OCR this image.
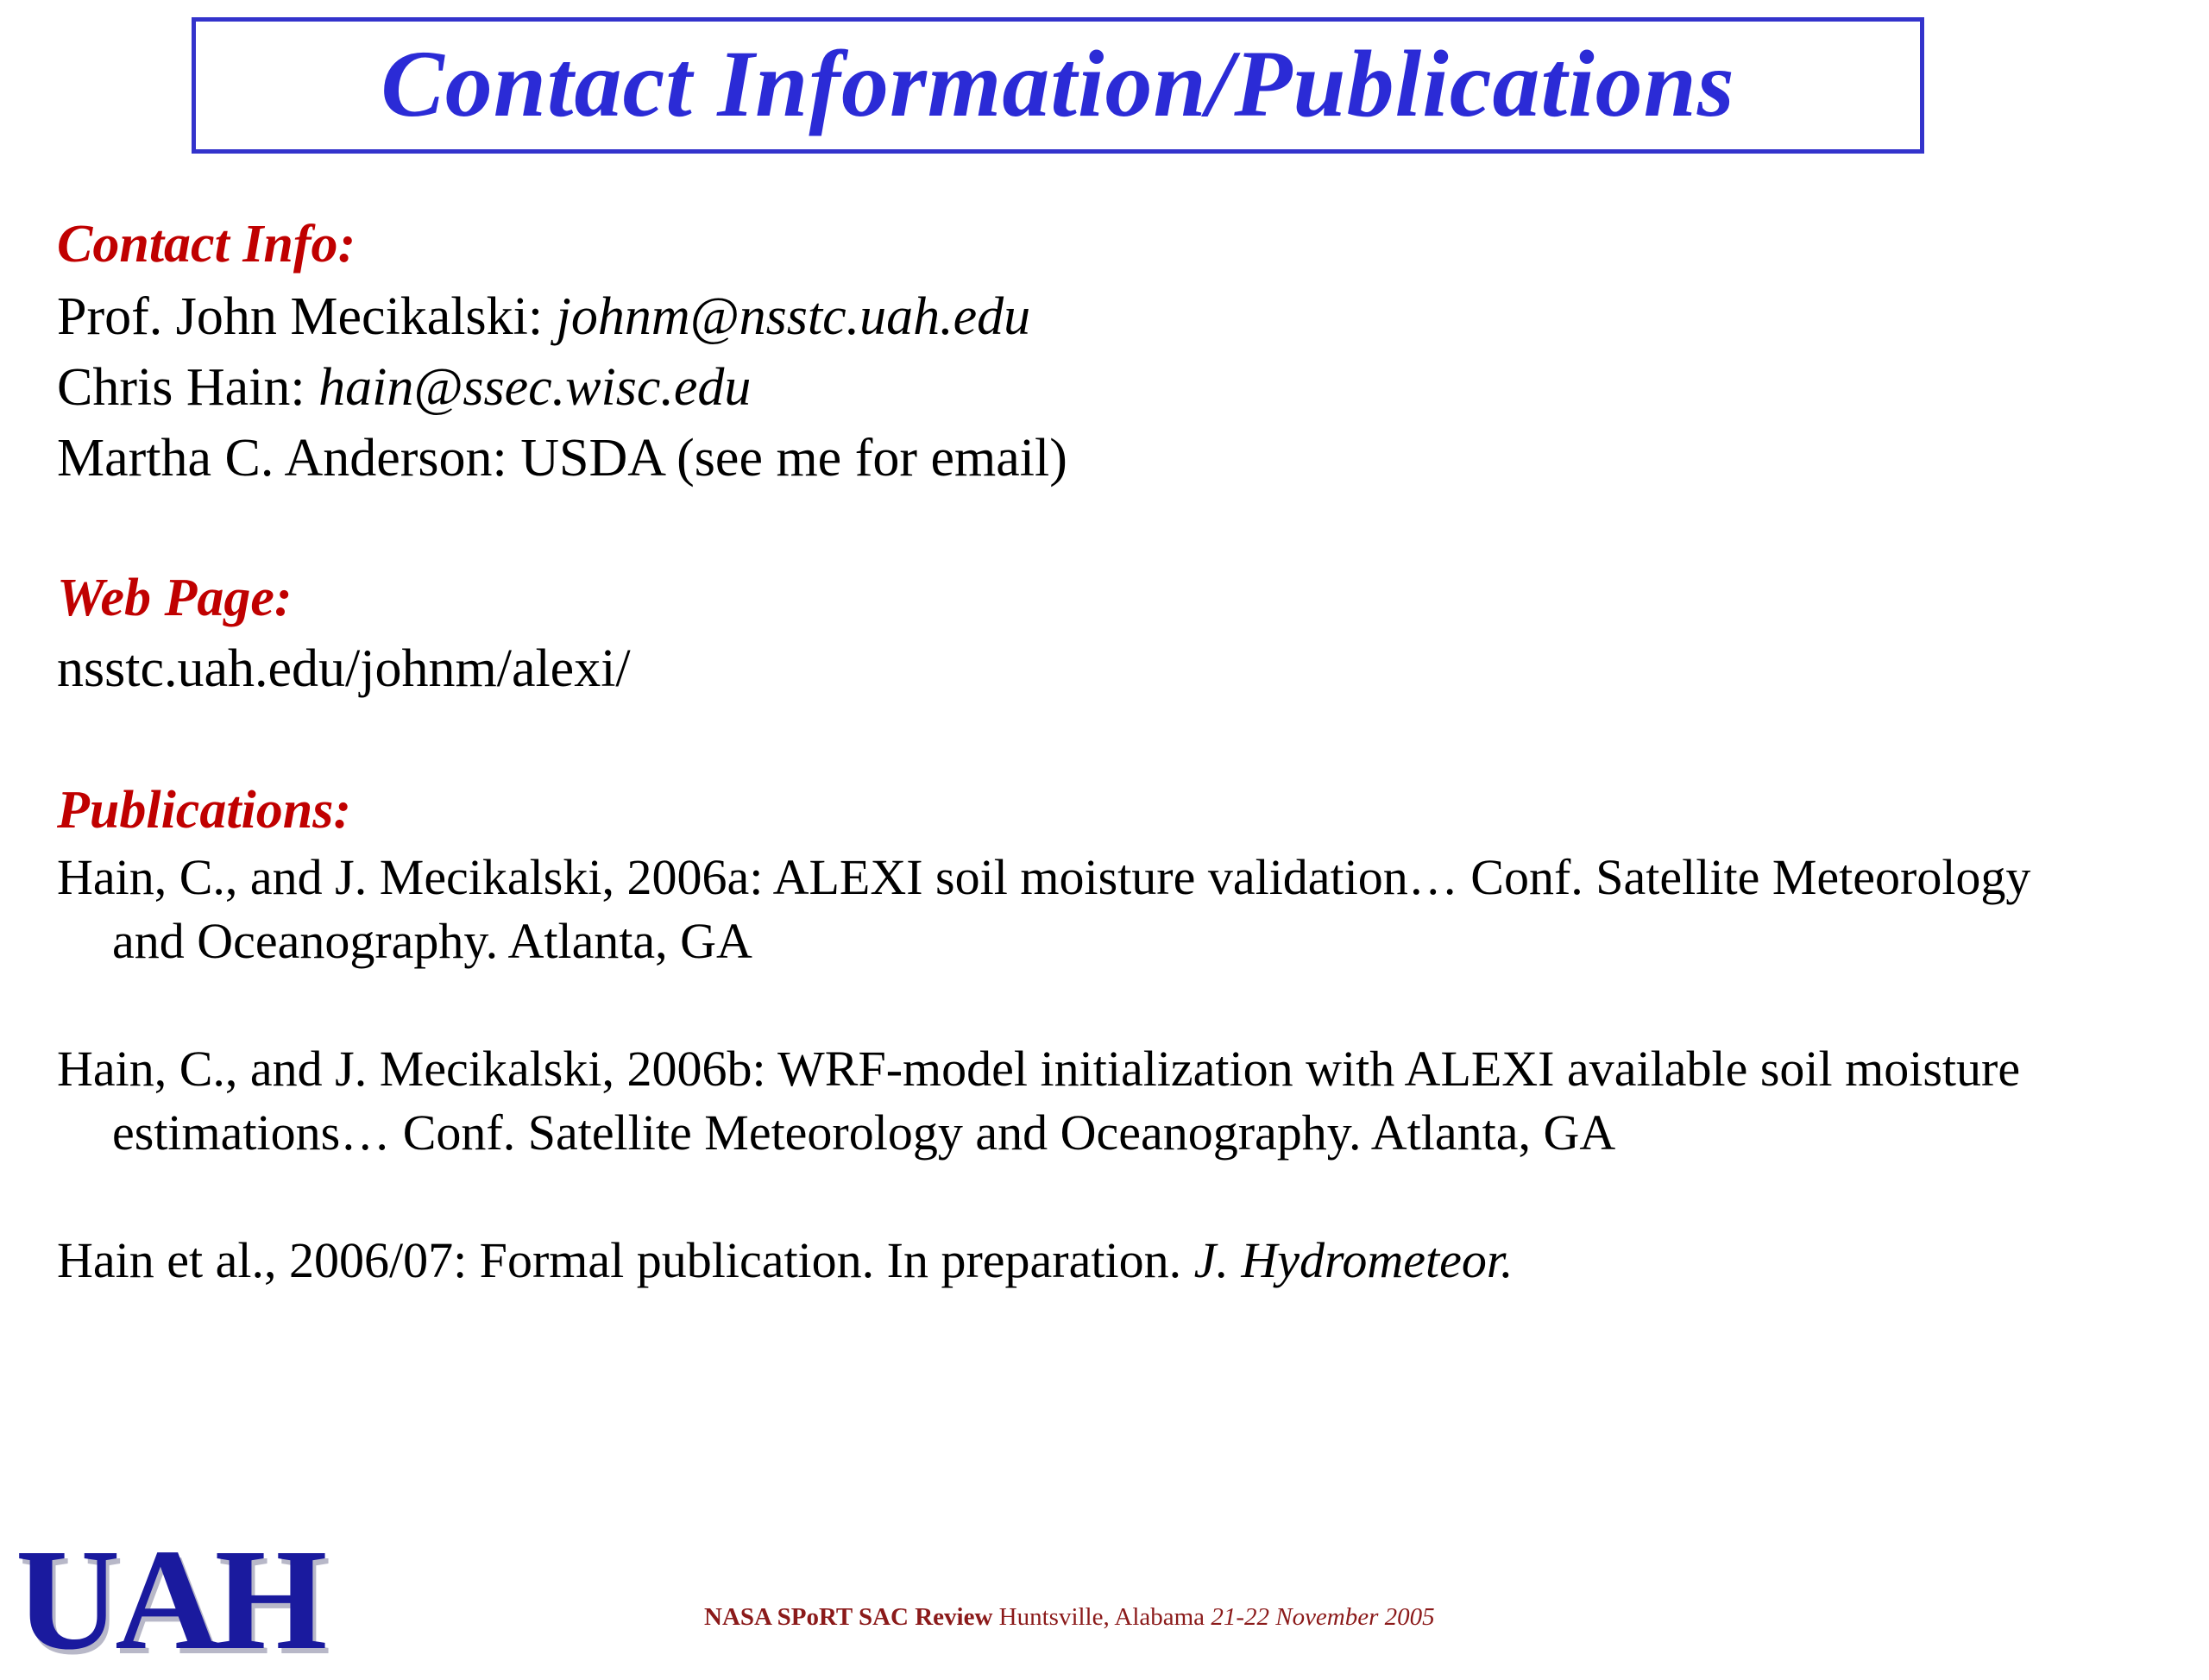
Contact Information/Publications
Contact Info:
Prof. John Mecikalski: johnm@nsstc.uah.edu
Chris Hain: hain@ssec.wisc.edu
Martha C. Anderson: USDA (see me for email)
Web Page:
nsstc.uah.edu/johnm/alexi/
Publications:
Hain, C., and J. Mecikalski, 2006a: ALEXI soil moisture validation… Conf. Satellite Meteorology and Oceanography. Atlanta, GA
Hain, C., and J. Mecikalski, 2006b: WRF-model initialization with ALEXI available soil moisture estimations… Conf. Satellite Meteorology and Oceanography. Atlanta, GA
Hain et al., 2006/07: Formal publication. In preparation. J. Hydrometeor.
UAH	NASA SPoRT SAC Review Huntsville, Alabama 21-22 November 2005
